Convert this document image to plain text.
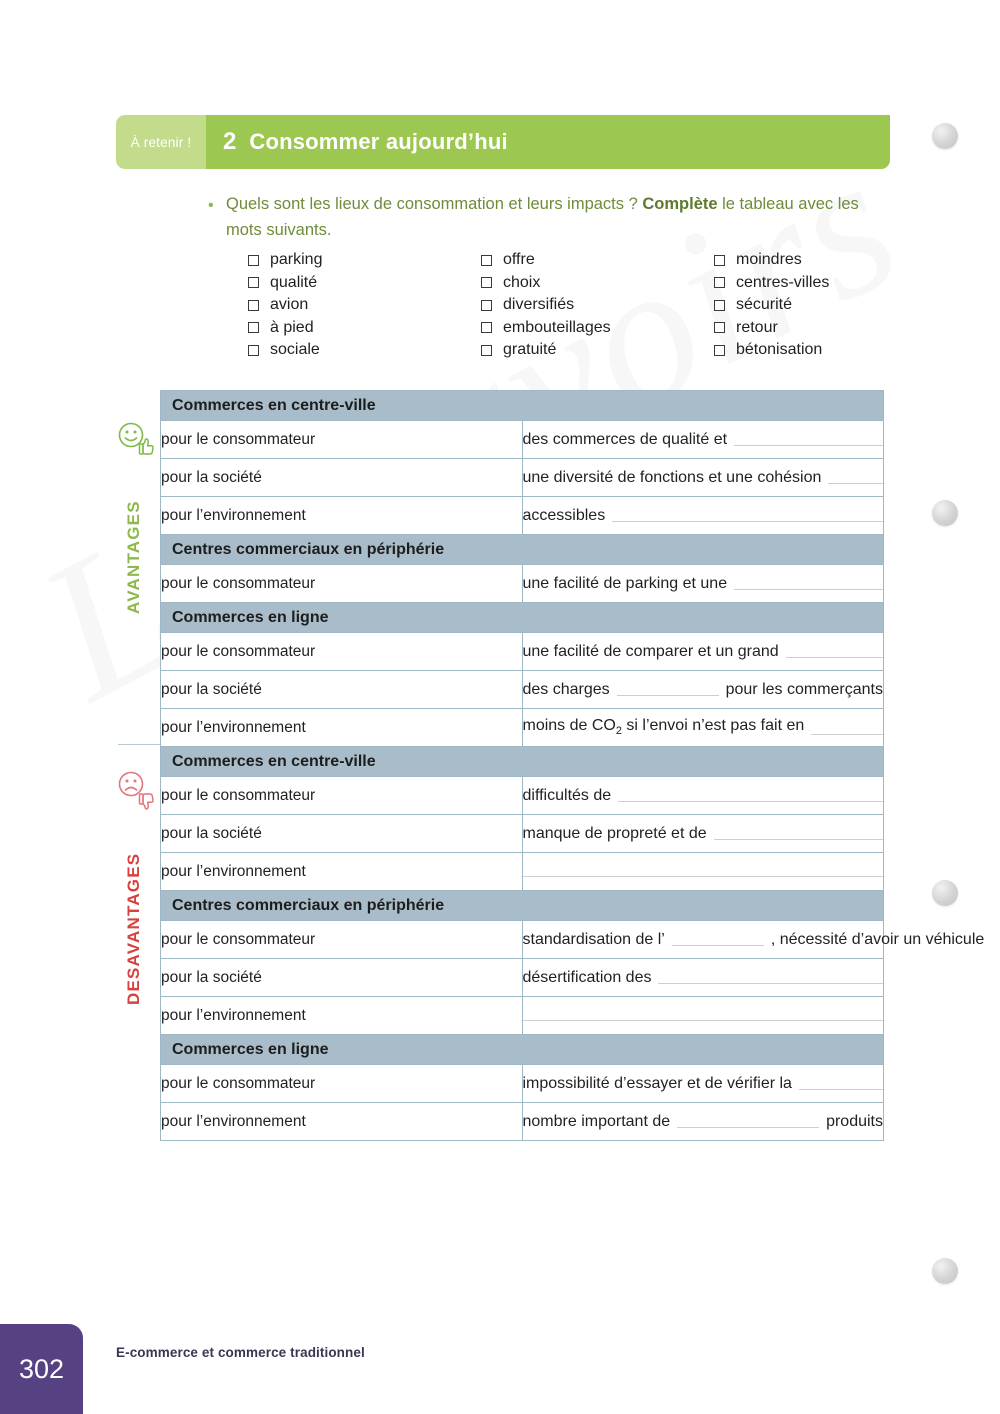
À retenir ! 2 Consommer aujourd’hui
• Quels sont les lieux de consommation et leurs impacts ? Complète le tableau avec les mots suivants.
parking
qualité
avion
à pied
sociale
offre
choix
diversifiés
embouteillages
gratuité
moindres
centres-villes
sécurité
retour
bétonisation
AVANTAGES
DESAVANTAGES
Commerces en centre-ville	
pour le consommateur	des commerces de qualité et

pour la société	une diversité de fonctions et une cohésion

pour l’environnement	accessibles

Centres commerciaux en périphérie	
pour le consommateur	une facilité de parking et une

Commerces en ligne	
pour le consommateur	une facilité de comparer et un grand

pour la société	des charges pour les commerçants

pour l’environnement	moins de $CO_2$ si l’envoi n’est pas fait en

Commerces en centre-ville	
pour le consommateur	difficultés de

pour la société	manque de propreté et de

pour l’environnement	

Centres commerciaux en périphérie	
pour le consommateur	standardisation de l’ , nécessité d’avoir un véhicule

pour la société	désertification des

pour l’environnement	

Commerces en ligne	
pour le consommateur	impossibilité d’essayer et de vérifier la

pour l’environnement	nombre important de produits
302
E-commerce et commerce traditionnel
